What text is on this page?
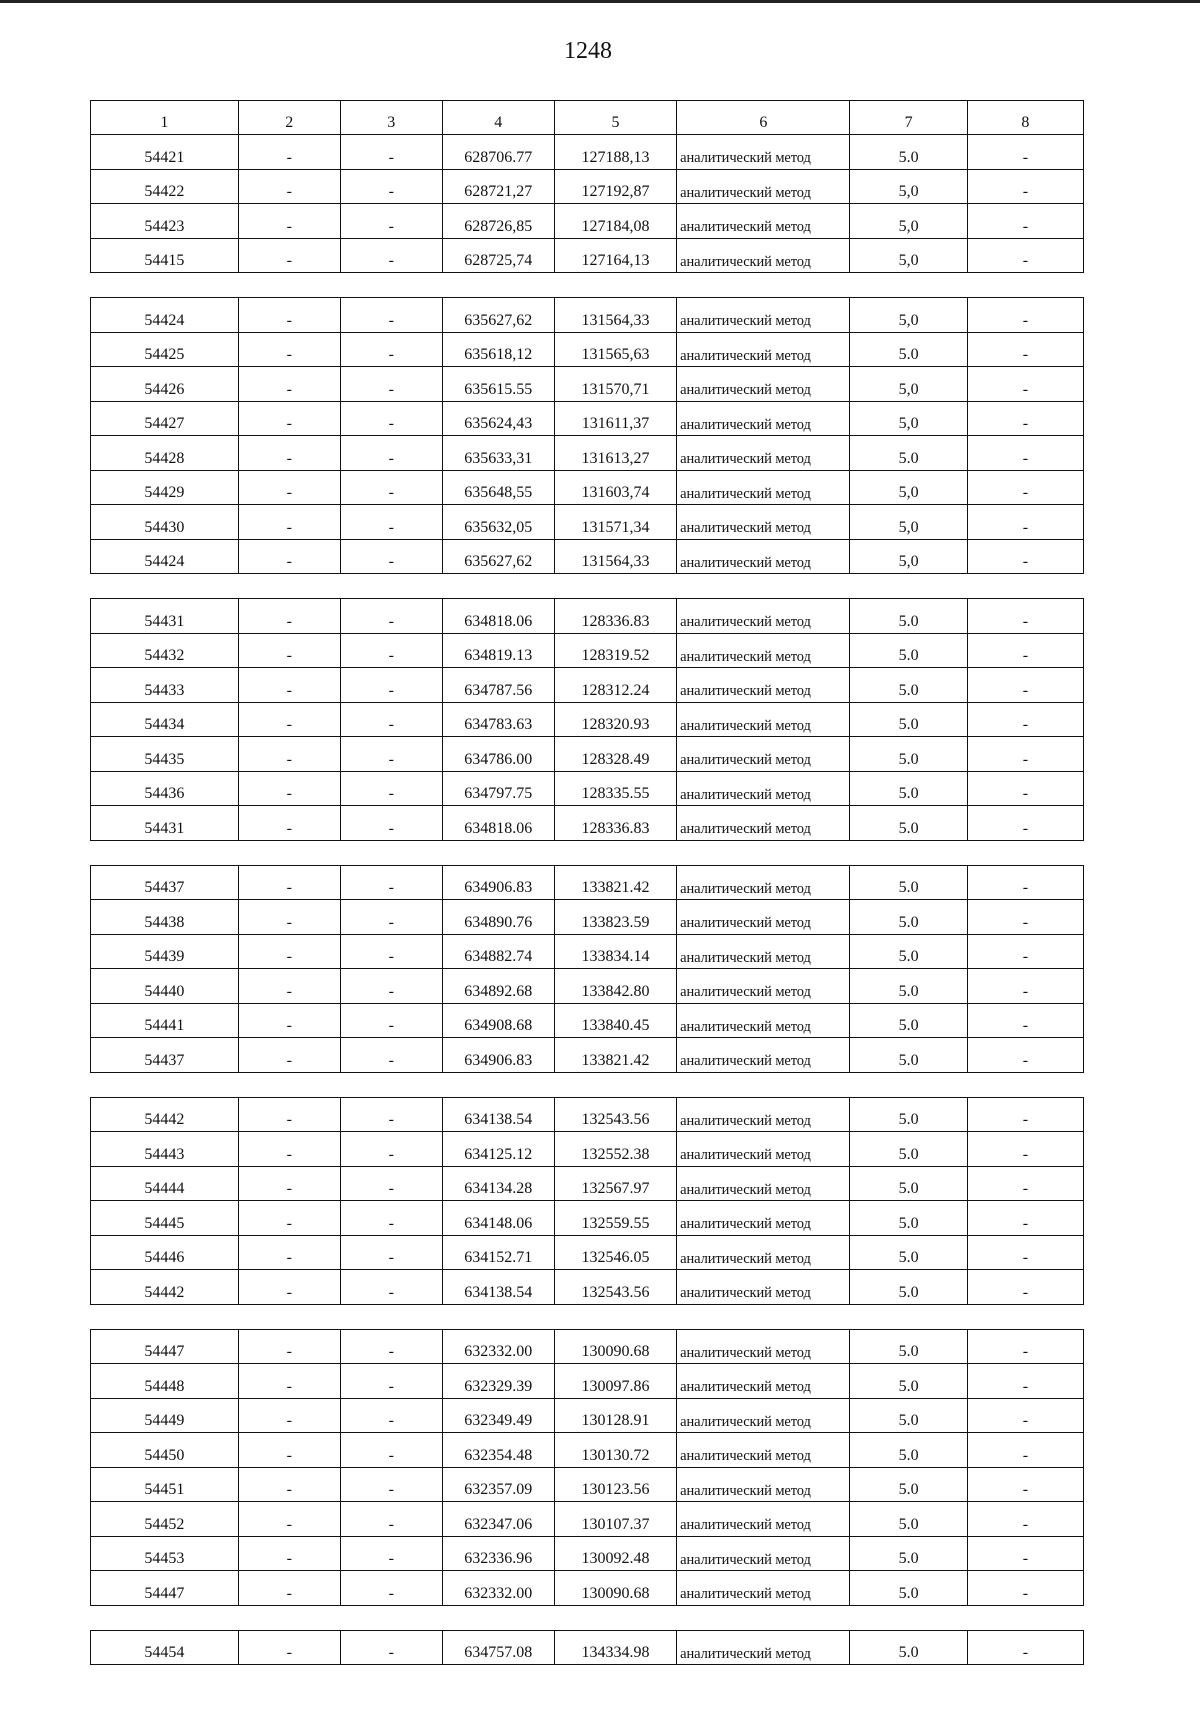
1248
1	2	3	4	5	6	7	8
54421	-	-	628706.77	127188,13	аналитический метод	5.0	-
54422	-	-	628721,27	127192,87	аналитический метод	5,0	-
54423	-	-	628726,85	127184,08	аналитический метод	5,0	-
54415	-	-	628725,74	127164,13	аналитический метод	5,0	-
54424	-	-	635627,62	131564,33	аналитический метод	5,0	-
54425	-	-	635618,12	131565,63	аналитический метод	5.0	-
54426	-	-	635615.55	131570,71	аналитический метод	5,0	-
54427	-	-	635624,43	131611,37	аналитический метод	5,0	-
54428	-	-	635633,31	131613,27	аналитический метод	5.0	-
54429	-	-	635648,55	131603,74	аналитический метод	5,0	-
54430	-	-	635632,05	131571,34	аналитический метод	5,0	-
54424	-	-	635627,62	131564,33	аналитический метод	5,0	-
54431	-	-	634818.06	128336.83	аналитический метод	5.0	-
54432	-	-	634819.13	128319.52	аналитический метод	5.0	-
54433	-	-	634787.56	128312.24	аналитический метод	5.0	-
54434	-	-	634783.63	128320.93	аналитический метод	5.0	-
54435	-	-	634786.00	128328.49	аналитический метод	5.0	-
54436	-	-	634797.75	128335.55	аналитический метод	5.0	-
54431	-	-	634818.06	128336.83	аналитический метод	5.0	-
54437	-	-	634906.83	133821.42	аналитический метод	5.0	-
54438	-	-	634890.76	133823.59	аналитический метод	5.0	-
54439	-	-	634882.74	133834.14	аналитический метод	5.0	-
54440	-	-	634892.68	133842.80	аналитический метод	5.0	-
54441	-	-	634908.68	133840.45	аналитический метод	5.0	-
54437	-	-	634906.83	133821.42	аналитический метод	5.0	-
54442	-	-	634138.54	132543.56	аналитический метод	5.0	-
54443	-	-	634125.12	132552.38	аналитический метод	5.0	-
54444	-	-	634134.28	132567.97	аналитический метод	5.0	-
54445	-	-	634148.06	132559.55	аналитический метод	5.0	-
54446	-	-	634152.71	132546.05	аналитический метод	5.0	-
54442	-	-	634138.54	132543.56	аналитический метод	5.0	-
54447	-	-	632332.00	130090.68	аналитический метод	5.0	-
54448	-	-	632329.39	130097.86	аналитический метод	5.0	-
54449	-	-	632349.49	130128.91	аналитический метод	5.0	-
54450	-	-	632354.48	130130.72	аналитический метод	5.0	-
54451	-	-	632357.09	130123.56	аналитический метод	5.0	-
54452	-	-	632347.06	130107.37	аналитический метод	5.0	-
54453	-	-	632336.96	130092.48	аналитический метод	5.0	-
54447	-	-	632332.00	130090.68	аналитический метод	5.0	-
54454	-	-	634757.08	134334.98	аналитический метод	5.0	-
